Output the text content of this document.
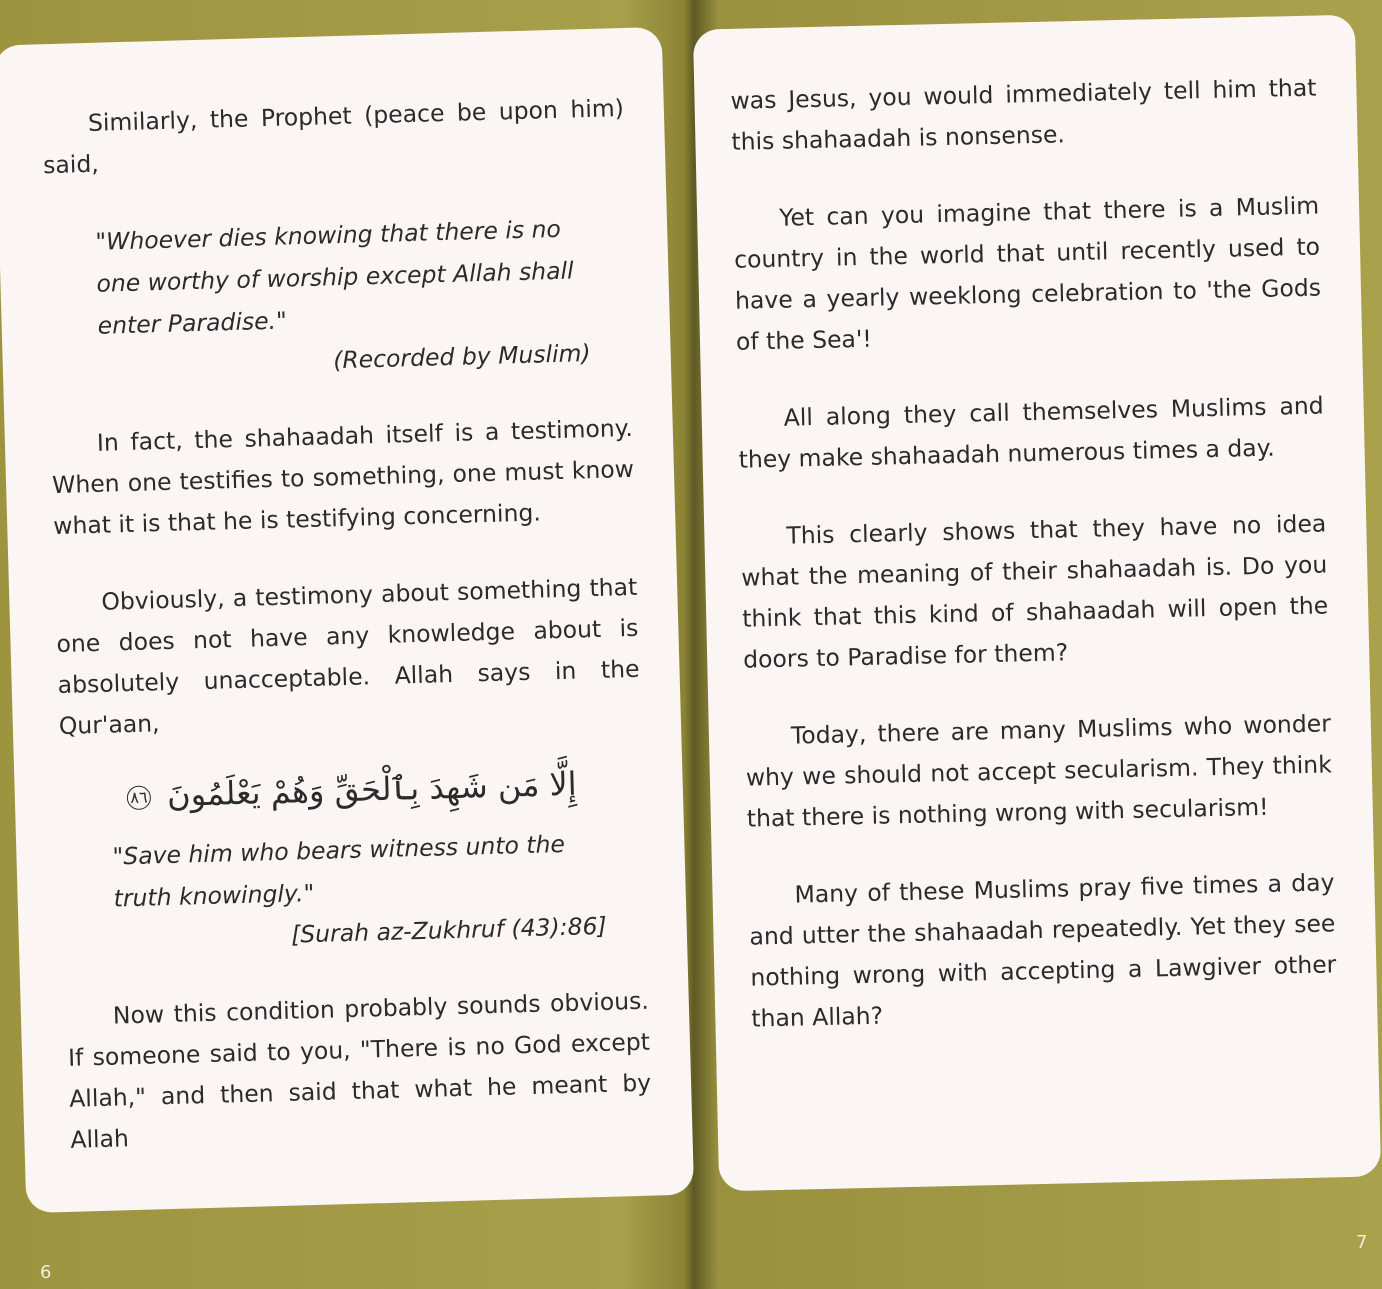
Similarly, the Prophet (peace be upon him) said,

"Whoever dies knowing that there is no one worthy of worship except Allah shall enter Paradise."
(Recorded by Muslim)

In fact, the shahaadah itself is a testimony. When one testifies to something, one must know what it is that he is testifying concerning.

Obviously, a testimony about something that one does not have any knowledge about is absolutely unacceptable. Allah says in the Qur'aan,

إِلَّا مَن شَهِدَ بِٱلْحَقِّ وَهُمْ يَعْلَمُونَ ٨٦
"Save him who bears witness unto the truth knowingly."
[Surah az-Zukhruf (43):86]

Now this condition probably sounds obvious. If someone said to you, "There is no God except Allah," and then said that what he meant by Allah

was Jesus, you would immediately tell him that this shahaadah is nonsense.

Yet can you imagine that there is a Muslim country in the world that until recently used to have a yearly weeklong celebration to 'the Gods of the Sea'!

All along they call themselves Muslims and they make shahaadah numerous times a day.

This clearly shows that they have no idea what the meaning of their shahaadah is. Do you think that this kind of shahaadah will open the doors to Paradise for them?

Today, there are many Muslims who wonder why we should not accept secularism. They think that there is nothing wrong with secularism!

Many of these Muslims pray five times a day and utter the shahaadah repeatedly. Yet they see nothing wrong with accepting a Lawgiver other than Allah?

6
7
